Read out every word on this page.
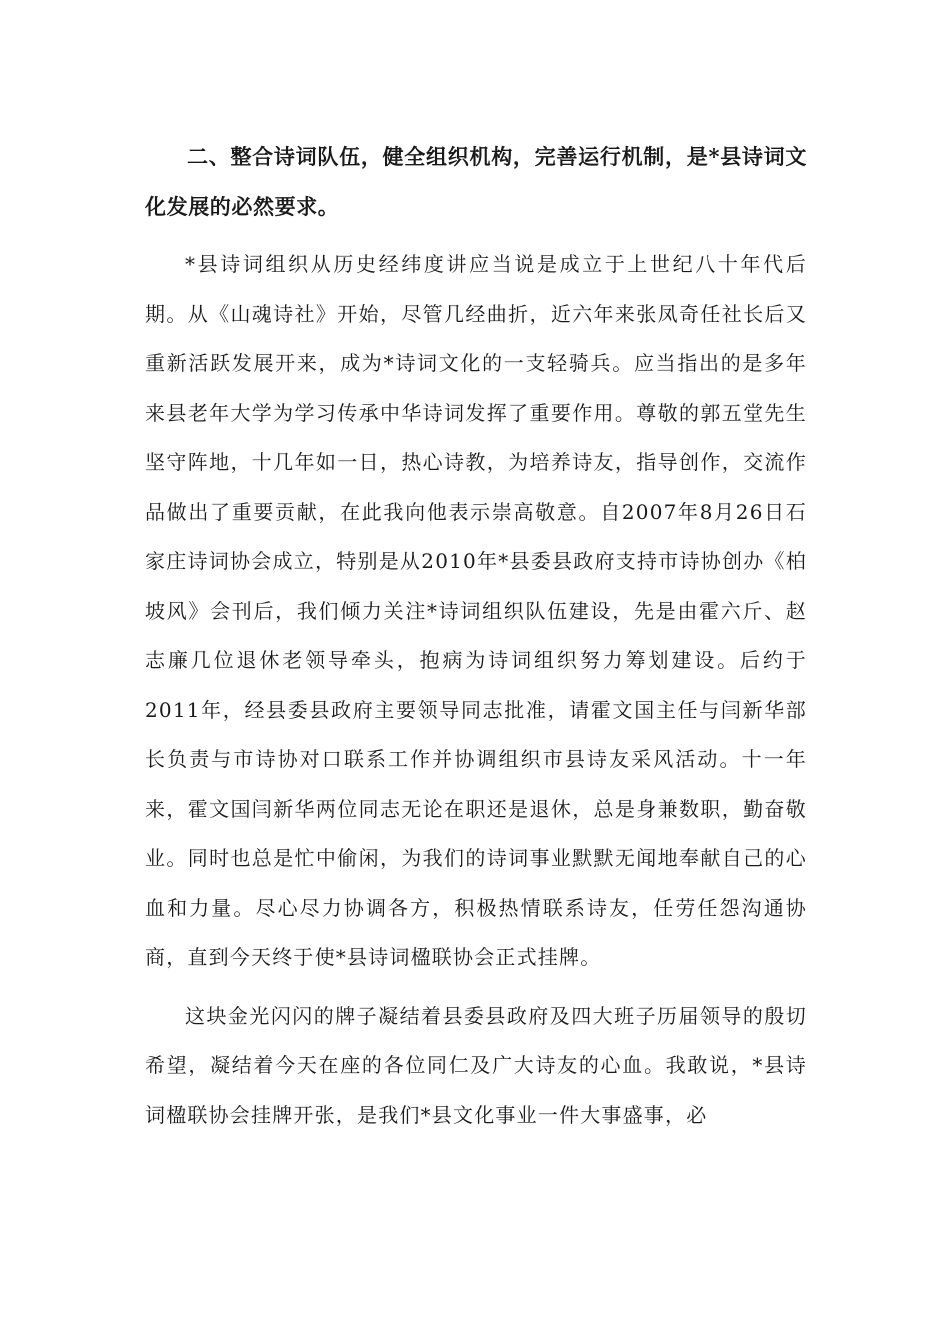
二、整合诗词队伍，健全组织机构，完善运行机制，是*县诗词文化发展的必然要求。

*县诗词组织从历史经纬度讲应当说是成立于上世纪八十年代后期。从《山魂诗社》开始，尽管几经曲折，近六年来张凤奇任社长后又重新活跃发展开来，成为*诗词文化的一支轻骑兵。应当指出的是多年来县老年大学为学习传承中华诗词发挥了重要作用。尊敬的郭五堂先生坚守阵地，十几年如一日，热心诗教，为培养诗友，指导创作，交流作品做出了重要贡献，在此我向他表示崇高敬意。自2007年8月26日石家庄诗词协会成立，特别是从2010年*县委县政府支持市诗协创办《柏坡风》会刊后，我们倾力关注*诗词组织队伍建设，先是由霍六斤、赵志廉几位退休老领导牵头，抱病为诗词组织努力筹划建设。后约于2011年，经县委县政府主要领导同志批准，请霍文国主任与闫新华部长负责与市诗协对口联系工作并协调组织市县诗友采风活动。十一年来，霍文国闫新华两位同志无论在职还是退休，总是身兼数职，勤奋敬业。同时也总是忙中偷闲，为我们的诗词事业默默无闻地奉献自己的心血和力量。尽心尽力协调各方，积极热情联系诗友，任劳任怨沟通协商，直到今天终于使*县诗词楹联协会正式挂牌。

这块金光闪闪的牌子凝结着县委县政府及四大班子历届领导的殷切希望，凝结着今天在座的各位同仁及广大诗友的心血。我敢说，*县诗词楹联协会挂牌开张，是我们*县文化事业一件大事盛事，必
